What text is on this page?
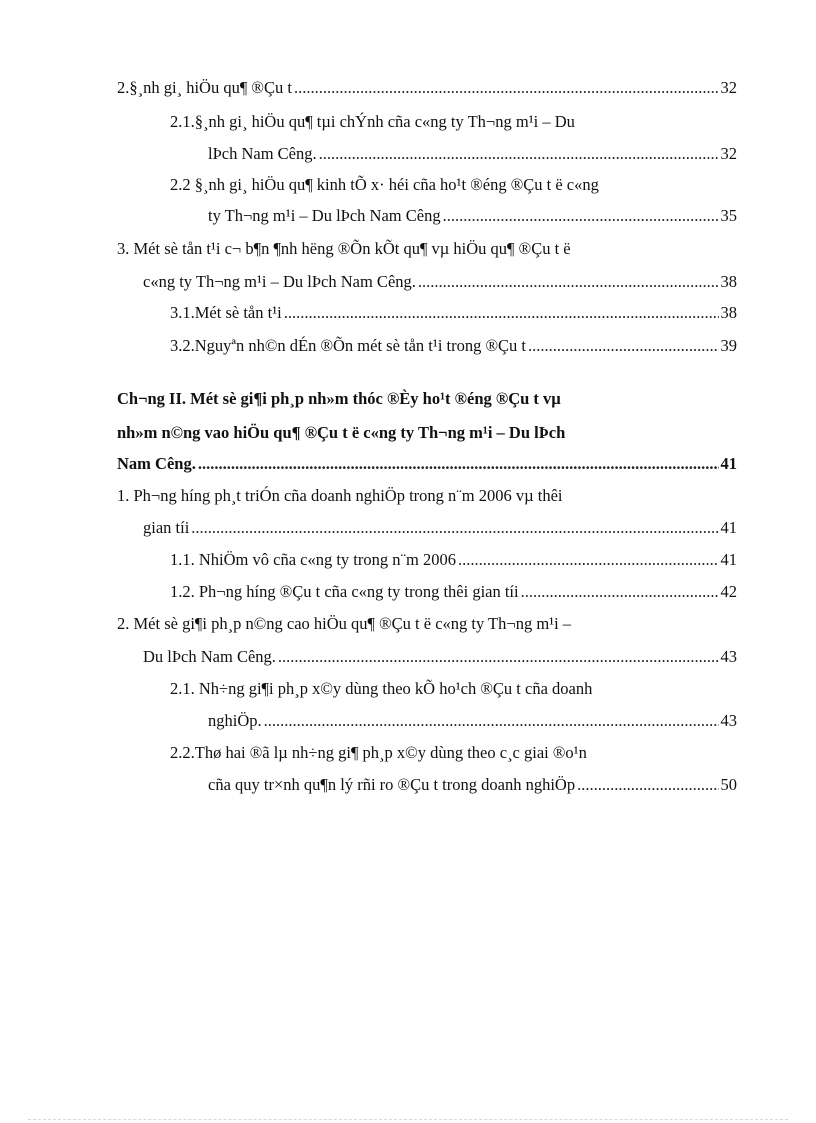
2.§¸nh gi¸ hiÖu qu¶ ®Çu t .....	32
2.1.§¸nh gi¸ hiÖu qu¶ tµi chÝnh cña c«ng ty Th¬ng m¹i – Du
lÞch Nam Cêng. .....	32
2.2 §¸nh gi¸ hiÖu qu¶ kinh tÕ x· héi cña ho¹t ®éng ®Çu t ë c«ng
ty Th¬ng m¹i – Du lÞch Nam Cêng .....	35
3. Mét sè tån t¹i c¬ b¶n ¶nh hëng ®Õn kÕt qu¶ vµ hiÖu qu¶ ®Çu t ë
c«ng ty Th¬ng m¹i – Du lÞch Nam Cêng. .....	38
3.1.Mét sè tån t¹i .....	38
3.2.Nguyªn nh©n dÉn ®Õn mét sè tån t¹i trong ®Çu t .....	39
Ch¬ng II. Mét sè gi¶i ph¸p nh»m thóc ®Èy ho¹t ®éng ®Çu t vµ
nh»m n©ng vao hiÖu qu¶ ®Çu t ë c«ng ty Th¬ng m¹i – Du lÞch
Nam Cêng. .....	41
1. Ph¬ng híng ph¸t triÓn cña doanh nghiÖp trong n¨m 2006 vµ thêi
gian tíi .....	41
1.1. NhiÖm vô cña c«ng ty trong n¨m 2006 .....	41
1.2. Ph¬ng híng ®Çu t cña c«ng ty trong thêi gian tíi .....	42
2. Mét sè gi¶i ph¸p n©ng cao hiÖu qu¶ ®Çu t ë c«ng ty Th¬ng m¹i –
Du lÞch Nam Cêng. .....	43
2.1. Nh÷ng gi¶i ph¸p x©y dùng theo kÕ ho¹ch ®Çu t cña doanh
nghiÖp. .....	43
2.2.Thø hai ®ã lµ nh÷ng gi¶ ph¸p x©y dùng theo c¸c giai ®o¹n
cña quy tr×nh qu¶n lý rñi ro ®Çu t trong doanh nghiÖp .....	50
